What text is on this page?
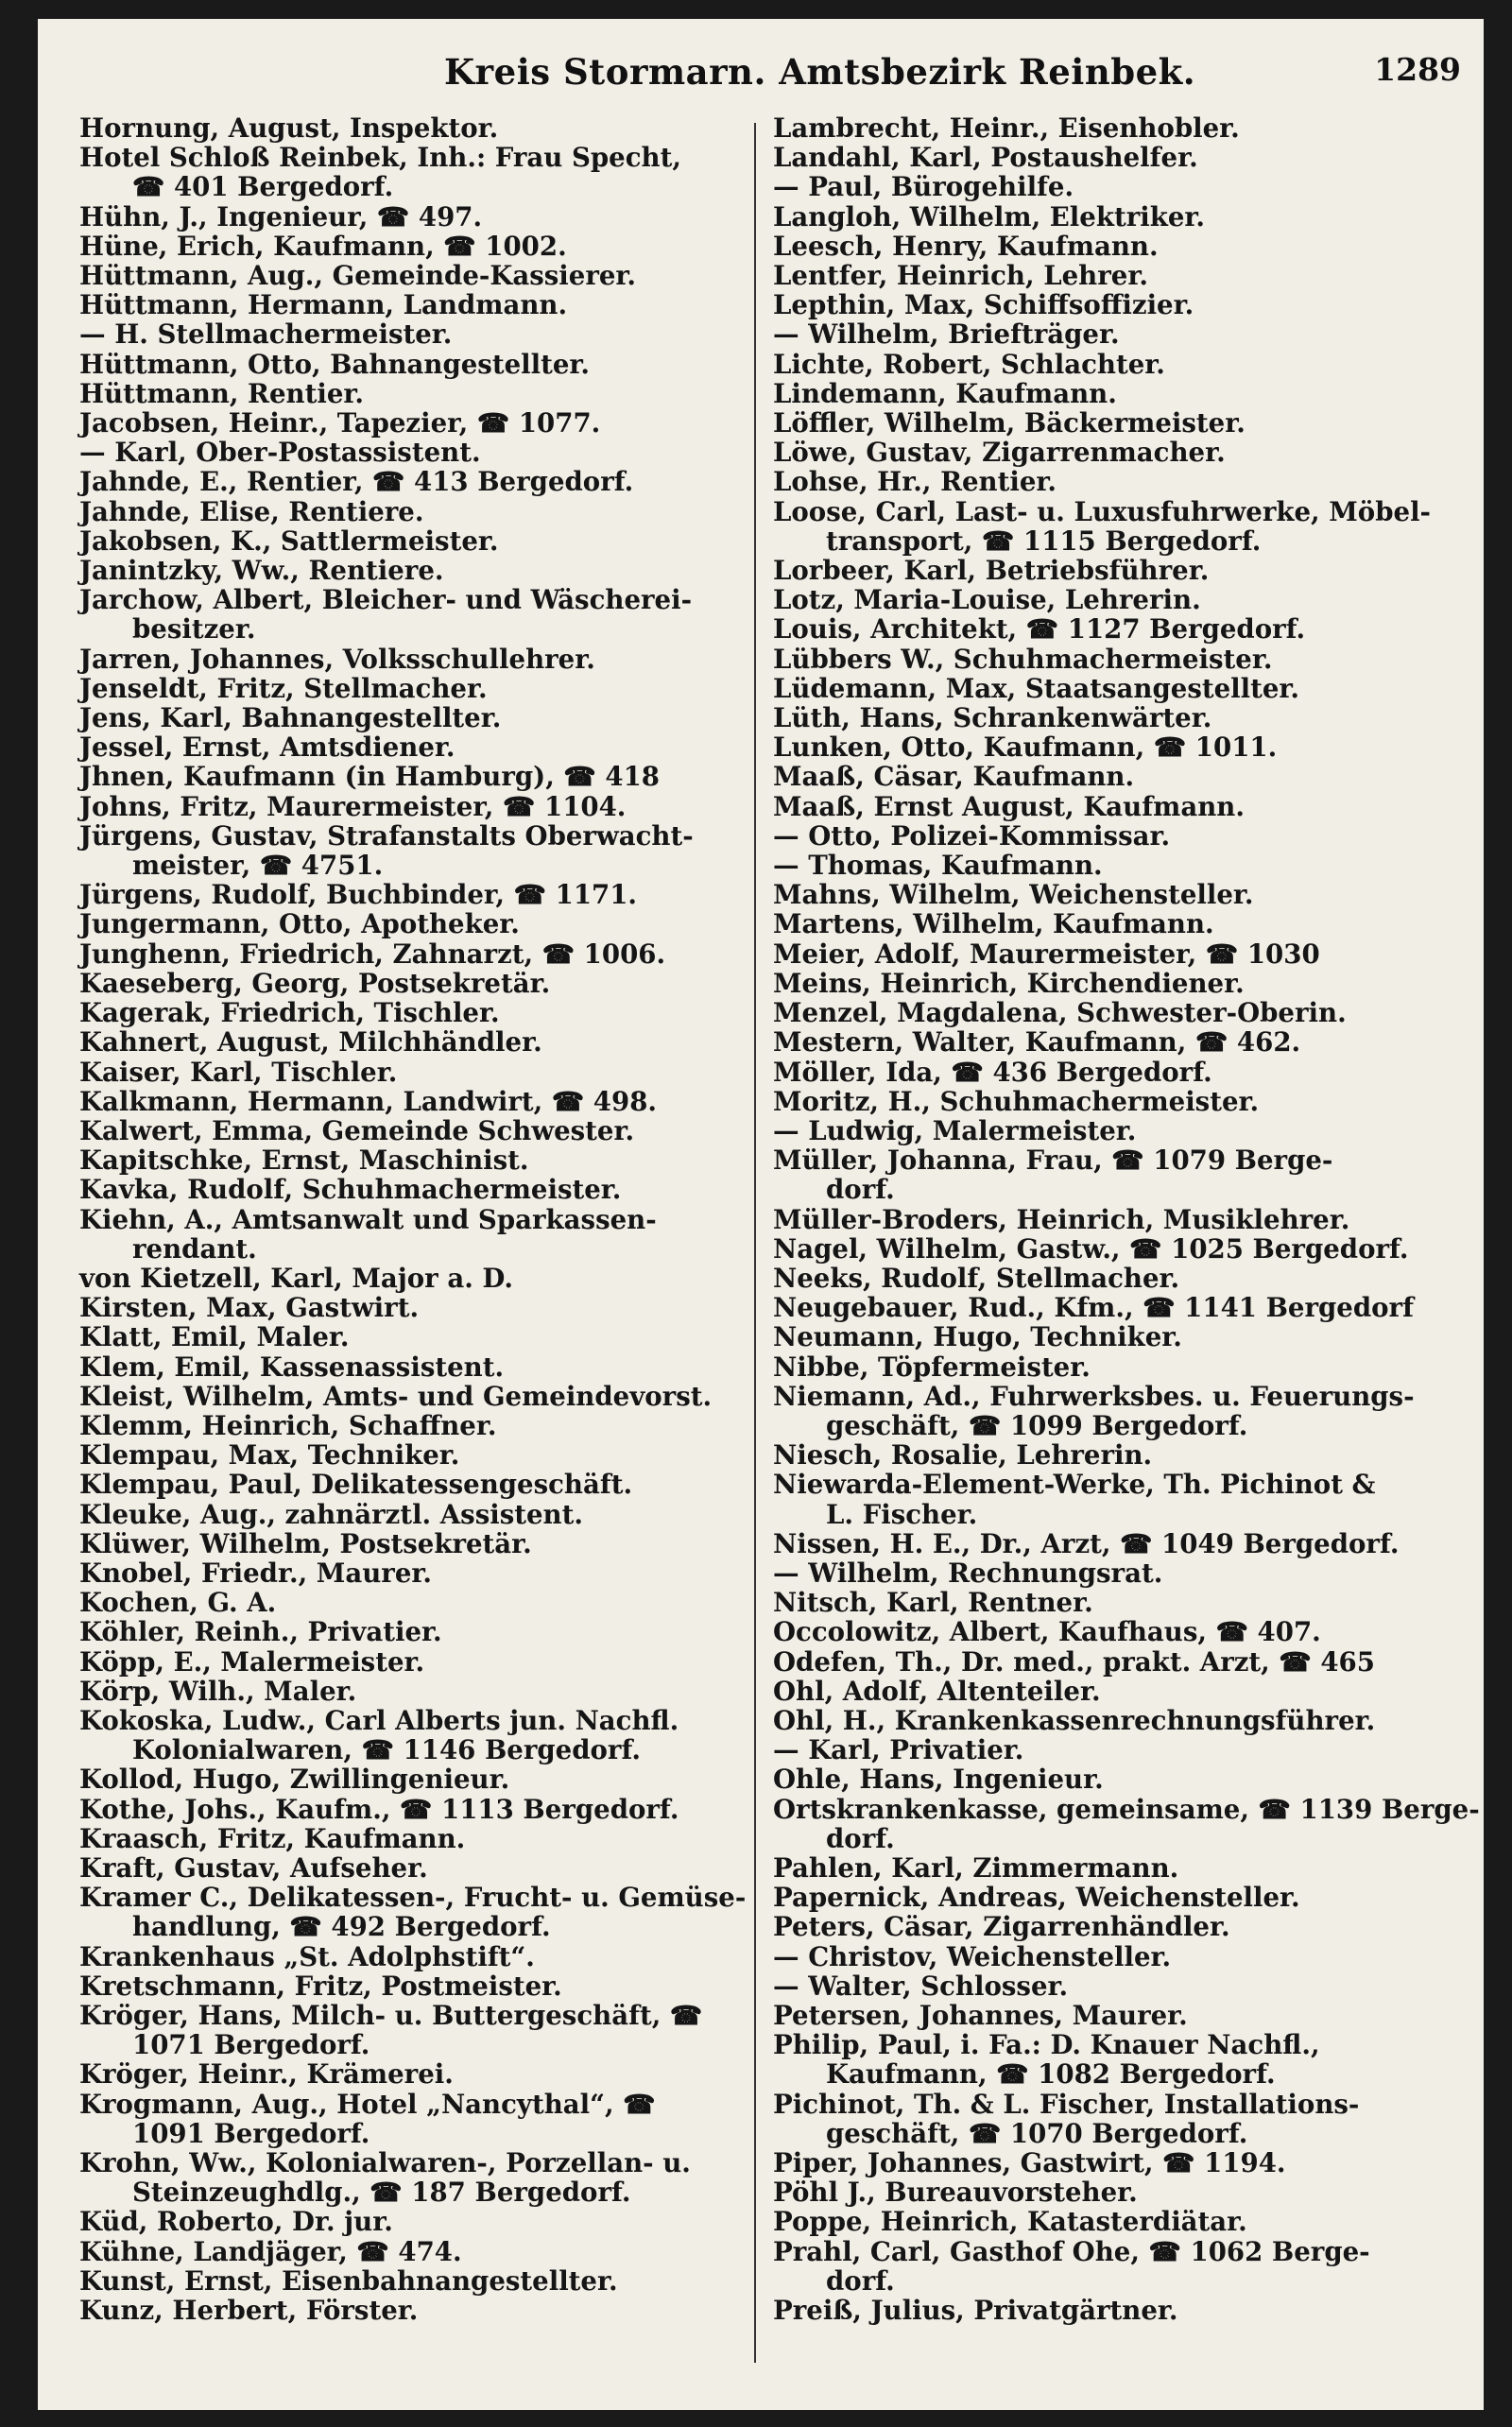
Kreis Stormarn. Amtsbezirk Reinbek.	1289
Hornung, August, Inspektor.
Hotel Schloß Reinbek, Inh.: Frau Specht,
☎ 401 Bergedorf.
Hühn, J., Ingenieur, ☎ 497.
Hüne, Erich, Kaufmann, ☎ 1002.
Hüttmann, Aug., Gemeinde-Kassierer.
Hüttmann, Hermann, Landmann.
— H. Stellmachermeister.
Hüttmann, Otto, Bahnangestellter.
Hüttmann, Rentier.
Jacobsen, Heinr., Tapezier, ☎ 1077.
— Karl, Ober-Postassistent.
Jahnde, E., Rentier, ☎ 413 Bergedorf.
Jahnde, Elise, Rentiere.
Jakobsen, K., Sattlermeister.
Janintzky, Ww., Rentiere.
Jarchow, Albert, Bleicher- und Wäscherei-
besitzer.
Jarren, Johannes, Volksschullehrer.
Jenseldt, Fritz, Stellmacher.
Jens, Karl, Bahnangestellter.
Jessel, Ernst, Amtsdiener.
Jhnen, Kaufmann (in Hamburg), ☎ 418
Johns, Fritz, Maurermeister, ☎ 1104.
Jürgens, Gustav, Strafanstalts Oberwacht-
meister, ☎ 4751.
Jürgens, Rudolf, Buchbinder, ☎ 1171.
Jungermann, Otto, Apotheker.
Junghenn, Friedrich, Zahnarzt, ☎ 1006.
Kaeseberg, Georg, Postsekretär.
Kagerak, Friedrich, Tischler.
Kahnert, August, Milchhändler.
Kaiser, Karl, Tischler.
Kalkmann, Hermann, Landwirt, ☎ 498.
Kalwert, Emma, Gemeinde Schwester.
Kapitschke, Ernst, Maschinist.
Kavka, Rudolf, Schuhmachermeister.
Kiehn, A., Amtsanwalt und Sparkassen-
rendant.
von Kietzell, Karl, Major a. D.
Kirsten, Max, Gastwirt.
Klatt, Emil, Maler.
Klem, Emil, Kassenassistent.
Kleist, Wilhelm, Amts- und Gemeindevorst.
Klemm, Heinrich, Schaffner.
Klempau, Max, Techniker.
Klempau, Paul, Delikatessengeschäft.
Kleuke, Aug., zahnärztl. Assistent.
Klüwer, Wilhelm, Postsekretär.
Knobel, Friedr., Maurer.
Kochen, G. A.
Köhler, Reinh., Privatier.
Köpp, E., Malermeister.
Körp, Wilh., Maler.
Kokoska, Ludw., Carl Alberts jun. Nachfl.
Kolonialwaren, ☎ 1146 Bergedorf.
Kollod, Hugo, Zwillingenieur.
Kothe, Johs., Kaufm., ☎ 1113 Bergedorf.
Kraasch, Fritz, Kaufmann.
Kraft, Gustav, Aufseher.
Kramer C., Delikatessen-, Frucht- u. Gemüse-
handlung, ☎ 492 Bergedorf.
Krankenhaus „St. Adolphstift“.
Kretschmann, Fritz, Postmeister.
Kröger, Hans, Milch- u. Buttergeschäft, ☎
1071 Bergedorf.
Kröger, Heinr., Krämerei.
Krogmann, Aug., Hotel „Nancythal“, ☎
1091 Bergedorf.
Krohn, Ww., Kolonialwaren-, Porzellan- u.
Steinzeughdlg., ☎ 187 Bergedorf.
Küd, Roberto, Dr. jur.
Kühne, Landjäger, ☎ 474.
Kunst, Ernst, Eisenbahnangestellter.
Kunz, Herbert, Förster.
Lambrecht, Heinr., Eisenhobler.
Landahl, Karl, Postaushelfer.
— Paul, Bürogehilfe.
Langloh, Wilhelm, Elektriker.
Leesch, Henry, Kaufmann.
Lentfer, Heinrich, Lehrer.
Lepthin, Max, Schiffsoffizier.
— Wilhelm, Briefträger.
Lichte, Robert, Schlachter.
Lindemann, Kaufmann.
Löffler, Wilhelm, Bäckermeister.
Löwe, Gustav, Zigarrenmacher.
Lohse, Hr., Rentier.
Loose, Carl, Last- u. Luxusfuhrwerke, Möbel-
transport, ☎ 1115 Bergedorf.
Lorbeer, Karl, Betriebsführer.
Lotz, Maria-Louise, Lehrerin.
Louis, Architekt, ☎ 1127 Bergedorf.
Lübbers W., Schuhmachermeister.
Lüdemann, Max, Staatsangestellter.
Lüth, Hans, Schrankenwärter.
Lunken, Otto, Kaufmann, ☎ 1011.
Maaß, Cäsar, Kaufmann.
Maaß, Ernst August, Kaufmann.
— Otto, Polizei-Kommissar.
— Thomas, Kaufmann.
Mahns, Wilhelm, Weichensteller.
Martens, Wilhelm, Kaufmann.
Meier, Adolf, Maurermeister, ☎ 1030
Meins, Heinrich, Kirchendiener.
Menzel, Magdalena, Schwester-Oberin.
Mestern, Walter, Kaufmann, ☎ 462.
Möller, Ida, ☎ 436 Bergedorf.
Moritz, H., Schuhmachermeister.
— Ludwig, Malermeister.
Müller, Johanna, Frau, ☎ 1079 Berge-
dorf.
Müller-Broders, Heinrich, Musiklehrer.
Nagel, Wilhelm, Gastw., ☎ 1025 Bergedorf.
Neeks, Rudolf, Stellmacher.
Neugebauer, Rud., Kfm., ☎ 1141 Bergedorf
Neumann, Hugo, Techniker.
Nibbe, Töpfermeister.
Niemann, Ad., Fuhrwerksbes. u. Feuerungs-
geschäft, ☎ 1099 Bergedorf.
Niesch, Rosalie, Lehrerin.
Niewarda-Element-Werke, Th. Pichinot &
L. Fischer.
Nissen, H. E., Dr., Arzt, ☎ 1049 Bergedorf.
— Wilhelm, Rechnungsrat.
Nitsch, Karl, Rentner.
Occolowitz, Albert, Kaufhaus, ☎ 407.
Odefen, Th., Dr. med., prakt. Arzt, ☎ 465
Ohl, Adolf, Altenteiler.
Ohl, H., Krankenkassenrechnungsführer.
— Karl, Privatier.
Ohle, Hans, Ingenieur.
Ortskrankenkasse, gemeinsame, ☎ 1139 Berge-
dorf.
Pahlen, Karl, Zimmermann.
Papernick, Andreas, Weichensteller.
Peters, Cäsar, Zigarrenhändler.
— Christov, Weichensteller.
— Walter, Schlosser.
Petersen, Johannes, Maurer.
Philip, Paul, i. Fa.: D. Knauer Nachfl.,
Kaufmann, ☎ 1082 Bergedorf.
Pichinot, Th. & L. Fischer, Installations-
geschäft, ☎ 1070 Bergedorf.
Piper, Johannes, Gastwirt, ☎ 1194.
Pöhl J., Bureauvorsteher.
Poppe, Heinrich, Katasterdiätar.
Prahl, Carl, Gasthof Ohe, ☎ 1062 Berge-
dorf.
Preiß, Julius, Privatgärtner.
